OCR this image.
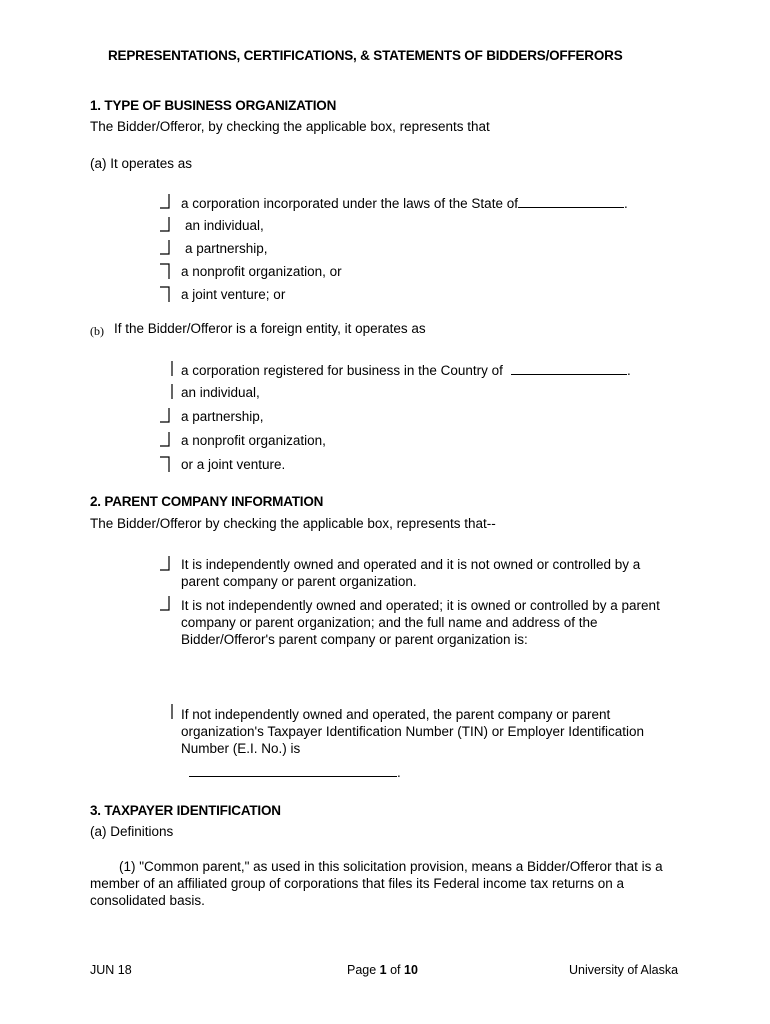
REPRESENTATIONS, CERTIFICATIONS, & STATEMENTS OF BIDDERS/OFFERORS
1. TYPE OF BUSINESS ORGANIZATION
The Bidder/Offeror, by checking the applicable box, represents that
(a) It operates as
a corporation incorporated under the laws of the State of	.
an individual,
a partnership,
a nonprofit organization, or
a joint venture; or
(b) If the Bidder/Offeror is a foreign entity, it operates as
a corporation registered for business in the Country of	.
an individual,
a partnership,
a nonprofit organization,
or a joint venture.
2. PARENT COMPANY INFORMATION
The Bidder/Offeror by checking the applicable box, represents that--
It is independently owned and operated and it is not owned or controlled by a parent company or parent organization.
It is not independently owned and operated; it is owned or controlled by a parent company or parent organization; and the full name and address of the Bidder/Offeror's parent company or parent organization is:
If not independently owned and operated, the parent company or parent organization's Taxpayer Identification Number (TIN) or Employer Identification Number (E.I. No.) is
.
3. TAXPAYER IDENTIFICATION
(a) Definitions
(1) "Common parent," as used in this solicitation provision, means a Bidder/Offeror that is a member of an affiliated group of corporations that files its Federal income tax returns on a consolidated basis.
JUN 18	Page 1 of 10	University of Alaska
